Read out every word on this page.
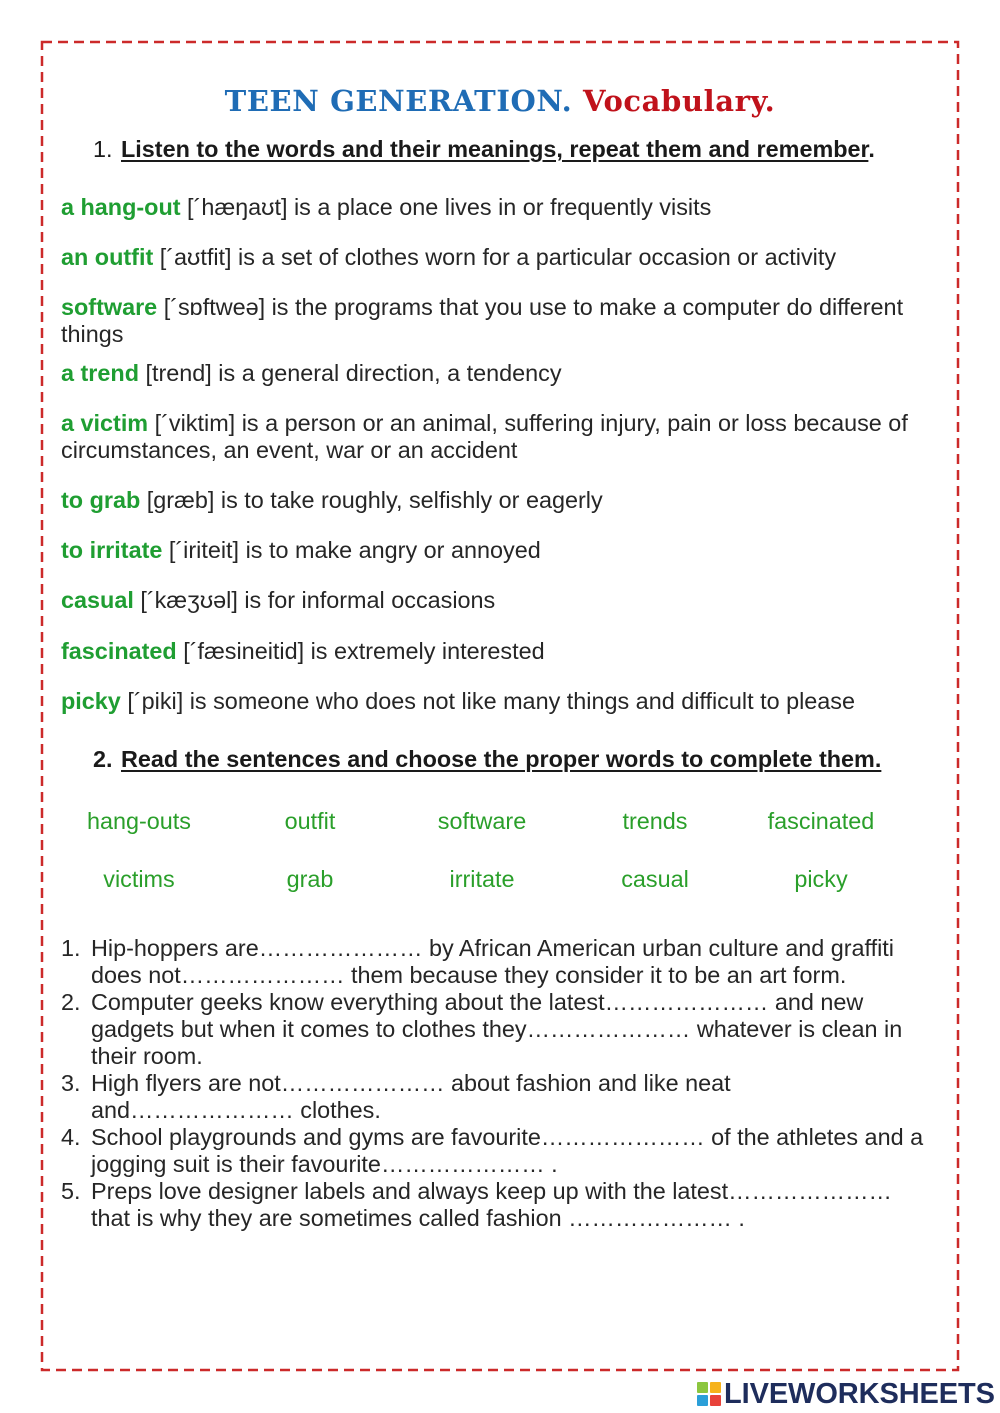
TEEN GENERATION. Vocabulary.
1. Listen to the words and their meanings, repeat them and remember.

a hang-out [´hæŋaʊt] is a place one lives in or frequently visits

an outfit [´aʊtfit] is a set of clothes worn for a particular occasion or activity

software [´sɒftweə] is the programs that you use to make a computer do different things

a trend [trend] is a general direction, a tendency

a victim [´viktim] is a person or an animal, suffering injury, pain or loss because of circumstances, an event, war or an accident

to grab [græb] is to take roughly, selfishly or eagerly

to irritate [´iriteit] is to make angry or annoyed

casual [´kæʒʊəl] is for informal occasions

fascinated [´fæsineitid] is extremely interested

picky [´piki] is someone who does not like many things and difficult to please

2. Read the sentences and choose the proper words to complete them.
hang-outs	outfit	software	trends	fascinated
victims	grab	irritate	casual	picky
1. Hip-hoppers are………………… by African American urban culture and graffiti
does not………………… them because they consider it to be an art form.
2. Computer geeks know everything about the latest………………… and new
gadgets but when it comes to clothes they………………… whatever is clean in
their room.
3. High flyers are not………………… about fashion and like neat
and………………… clothes.
4. School playgrounds and gyms are favourite………………… of the athletes and a
jogging suit is their favourite………………… .
5. Preps love designer labels and always keep up with the latest…………………
that is why they are sometimes called fashion ………………… .
LIVEWORKSHEETS
